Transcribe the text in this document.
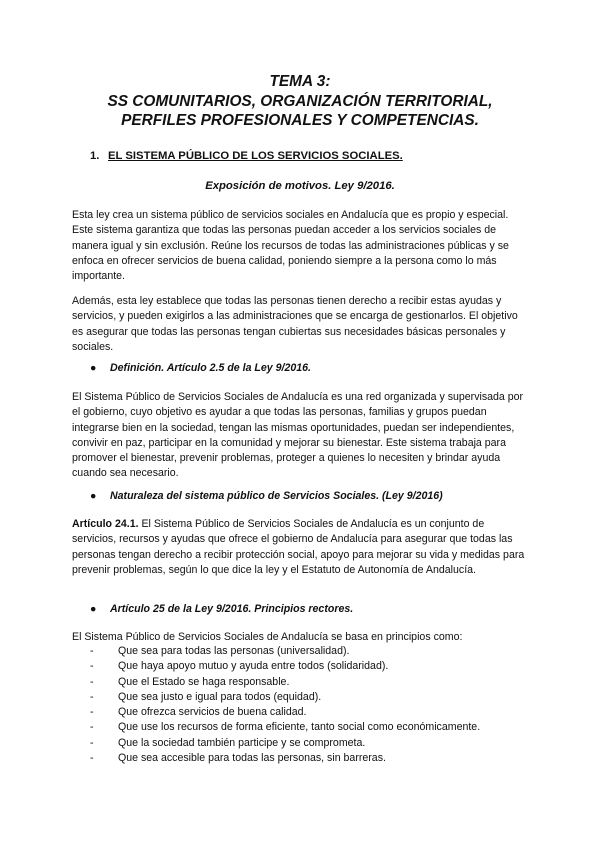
TEMA 3:
SS COMUNITARIOS, ORGANIZACIÓN TERRITORIAL,
PERFILES PROFESIONALES Y COMPETENCIAS.
1. EL SISTEMA PÚBLICO DE LOS SERVICIOS SOCIALES.
Exposición de motivos. Ley 9/2016.
Esta ley crea un sistema público de servicios sociales en Andalucía que es propio y especial. Este sistema garantiza que todas las personas puedan acceder a los servicios sociales de manera igual y sin exclusión. Reúne los recursos de todas las administraciones públicas y se enfoca en ofrecer servicios de buena calidad, poniendo siempre a la persona como lo más importante.
Además, esta ley establece que todas las personas tienen derecho a recibir estas ayudas y servicios, y pueden exigirlos a las administraciones que se encarga de gestionarlos. El objetivo es asegurar que todas las personas tengan cubiertas sus necesidades básicas personales y sociales.
● Definición. Artículo 2.5 de la Ley 9/2016.
El Sistema Público de Servicios Sociales de Andalucía es una red organizada y supervisada por el gobierno, cuyo objetivo es ayudar a que todas las personas, familias y grupos puedan integrarse bien en la sociedad, tengan las mismas oportunidades, puedan ser independientes, convivir en paz, participar en la comunidad y mejorar su bienestar. Este sistema trabaja para promover el bienestar, prevenir problemas, proteger a quienes lo necesiten y brindar ayuda cuando sea necesario.
● Naturaleza del sistema público de Servicios Sociales. (Ley 9/2016)
Artículo 24.1. El Sistema Público de Servicios Sociales de Andalucía es un conjunto de servicios, recursos y ayudas que ofrece el gobierno de Andalucía para asegurar que todas las personas tengan derecho a recibir protección social, apoyo para mejorar su vida y medidas para prevenir problemas, según lo que dice la ley y el Estatuto de Autonomía de Andalucía.
● Artículo 25 de la Ley 9/2016. Principios rectores.
El Sistema Público de Servicios Sociales de Andalucía se basa en principios como:
-	Que sea para todas las personas (universalidad).
-	Que haya apoyo mutuo y ayuda entre todos (solidaridad).
-	Que el Estado se haga responsable.
-	Que sea justo e igual para todos (equidad).
-	Que ofrezca servicios de buena calidad.
-	Que use los recursos de forma eficiente, tanto social como económicamente.
-	Que la sociedad también participe y se comprometa.
-	Que sea accesible para todas las personas, sin barreras.
